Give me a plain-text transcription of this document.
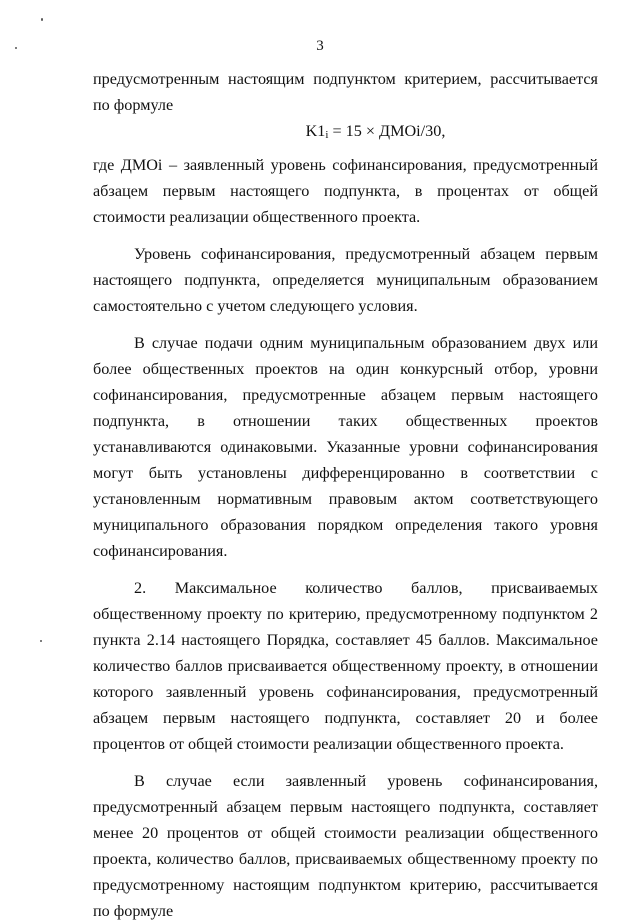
3

предусмотренным настоящим подпунктом критерием, рассчитывается по формуле

K1i = 15 × ДМОi/30,

где ДМОi – заявленный уровень софинансирования, предусмотренный абзацем первым настоящего подпункта, в процентах от общей стоимости реализации общественного проекта.

Уровень софинансирования, предусмотренный абзацем первым настоящего подпункта, определяется муниципальным образованием самостоятельно с учетом следующего условия.

В случае подачи одним муниципальным образованием двух или более общественных проектов на один конкурсный отбор, уровни софинансирования, предусмотренные абзацем первым настоящего подпункта, в отношении таких общественных проектов устанавливаются одинаковыми. Указанные уровни софинансирования могут быть установлены дифференцированно в соответствии с установленным нормативным правовым актом соответствующего муниципального образования порядком определения такого уровня софинансирования.

2. Максимальное количество баллов, присваиваемых общественному проекту по критерию, предусмотренному подпунктом 2 пункта 2.14 настоящего Порядка, составляет 45 баллов. Максимальное количество баллов присваивается общественному проекту, в отношении которого заявленный уровень софинансирования, предусмотренный абзацем первым настоящего подпункта, составляет 20 и более процентов от общей стоимости реализации общественного проекта.

В случае если заявленный уровень софинансирования, предусмотренный абзацем первым настоящего подпункта, составляет менее 20 процентов от общей стоимости реализации общественного проекта, количество баллов, присваиваемых общественному проекту по предусмотренному настоящим подпунктом критерию, рассчитывается по формуле
